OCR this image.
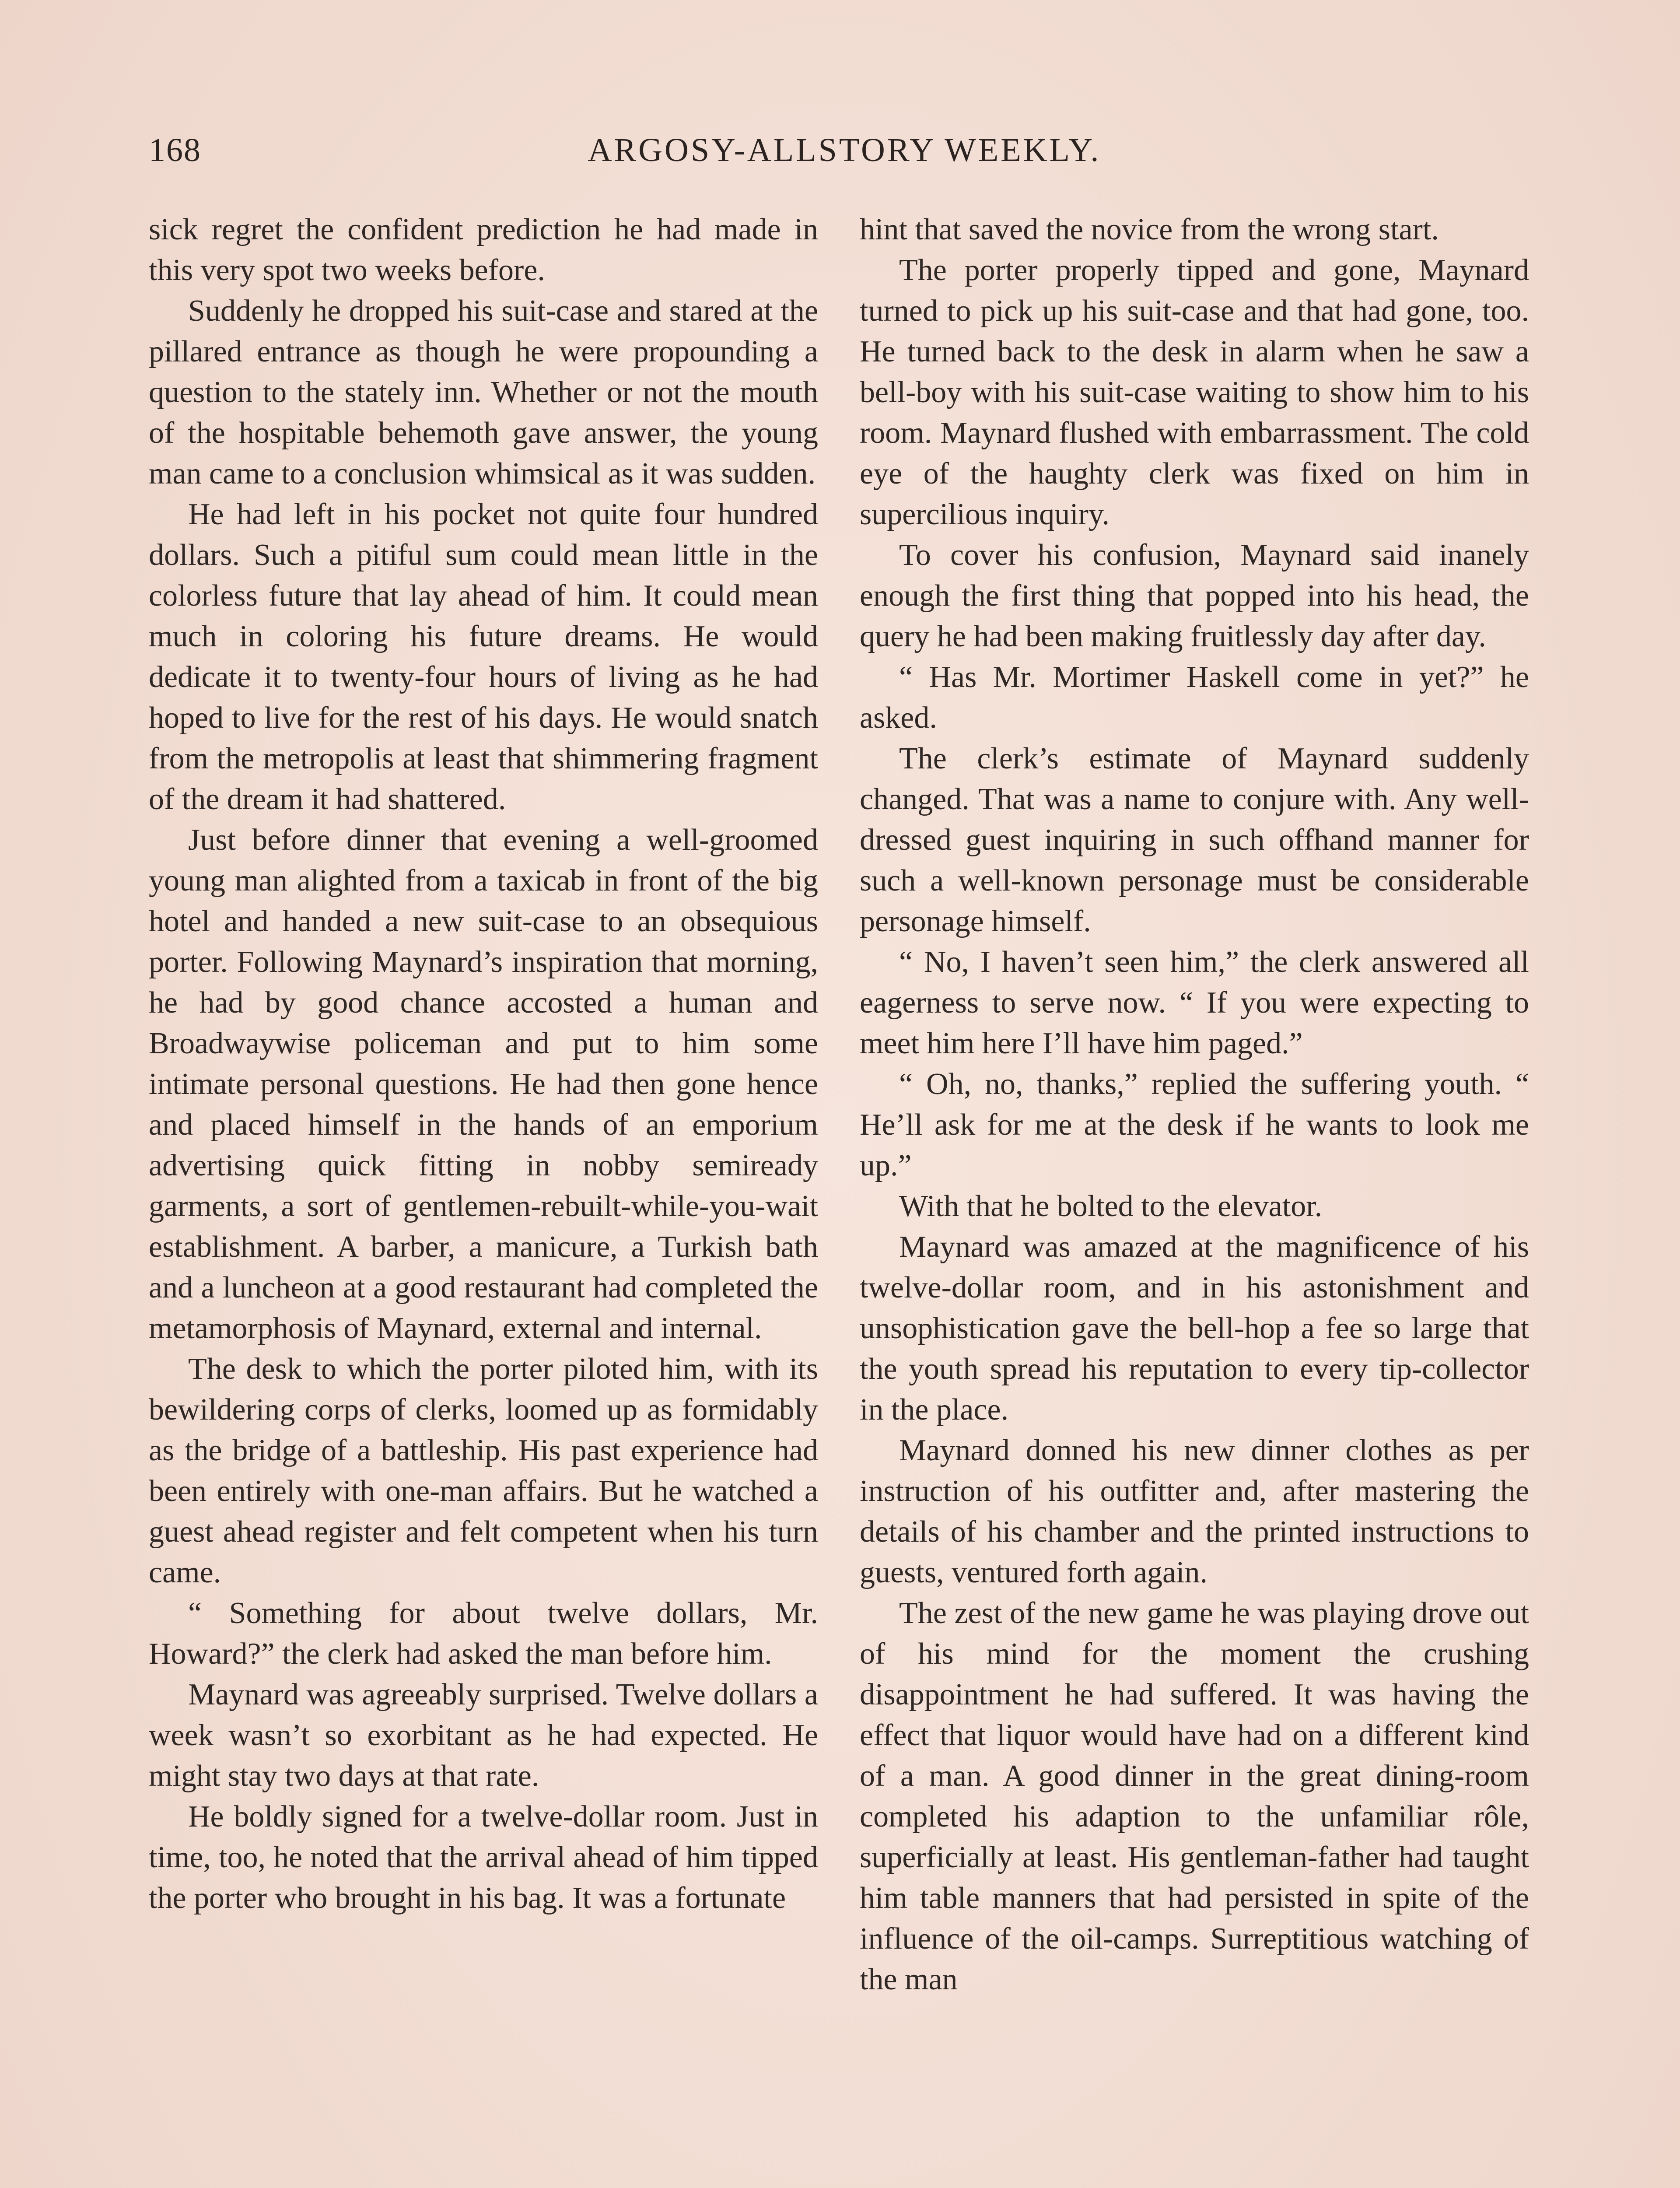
168	ARGOSY-ALLSTORY WEEKLY.

sick regret the confident prediction he had made in this very spot two weeks before.

Suddenly he dropped his suit-case and stared at the pillared entrance as though he were propounding a question to the stately inn. Whether or not the mouth of the hospitable behemoth gave answer, the young man came to a conclusion whimsical as it was sudden.

He had left in his pocket not quite four hundred dollars. Such a pitiful sum could mean little in the colorless future that lay ahead of him. It could mean much in coloring his future dreams. He would dedicate it to twenty-four hours of living as he had hoped to live for the rest of his days. He would snatch from the metropolis at least that shimmering fragment of the dream it had shattered.

Just before dinner that evening a well-groomed young man alighted from a taxicab in front of the big hotel and handed a new suit-case to an obsequious porter. Following Maynard’s inspiration that morning, he had by good chance accosted a human and Broadwaywise policeman and put to him some intimate personal questions. He had then gone hence and placed himself in the hands of an emporium advertising quick fitting in nobby semiready garments, a sort of gentlemen-rebuilt-while-you-wait establishment. A barber, a manicure, a Turkish bath and a luncheon at a good restaurant had completed the metamorphosis of Maynard, external and internal.

The desk to which the porter piloted him, with its bewildering corps of clerks, loomed up as formidably as the bridge of a battleship. His past experience had been entirely with one-man affairs. But he watched a guest ahead register and felt competent when his turn came.

“ Something for about twelve dollars, Mr. Howard?” the clerk had asked the man before him.

Maynard was agreeably surprised. Twelve dollars a week wasn’t so exorbitant as he had expected. He might stay two days at that rate.

He boldly signed for a twelve-dollar room. Just in time, too, he noted that the arrival ahead of him tipped the porter who brought in his bag. It was a fortunate

hint that saved the novice from the wrong start.

The porter properly tipped and gone, Maynard turned to pick up his suit-case and that had gone, too. He turned back to the desk in alarm when he saw a bell-boy with his suit-case waiting to show him to his room. Maynard flushed with embarrassment. The cold eye of the haughty clerk was fixed on him in supercilious inquiry.

To cover his confusion, Maynard said inanely enough the first thing that popped into his head, the query he had been making fruitlessly day after day.

“ Has Mr. Mortimer Haskell come in yet?” he asked.

The clerk’s estimate of Maynard suddenly changed. That was a name to conjure with. Any well-dressed guest inquiring in such offhand manner for such a well-known personage must be considerable personage himself.

“ No, I haven’t seen him,” the clerk answered all eagerness to serve now. “ If you were expecting to meet him here I’ll have him paged.”

“ Oh, no, thanks,” replied the suffering youth. “ He’ll ask for me at the desk if he wants to look me up.”

With that he bolted to the elevator.

Maynard was amazed at the magnificence of his twelve-dollar room, and in his astonishment and unsophistication gave the bell-hop a fee so large that the youth spread his reputation to every tip-collector in the place.

Maynard donned his new dinner clothes as per instruction of his outfitter and, after mastering the details of his chamber and the printed instructions to guests, ventured forth again.

The zest of the new game he was playing drove out of his mind for the moment the crushing disappointment he had suffered. It was having the effect that liquor would have had on a different kind of a man. A good dinner in the great dining-room completed his adaption to the unfamiliar rôle, superficially at least. His gentleman-father had taught him table manners that had persisted in spite of the influence of the oil-camps. Surreptitious watching of the man
